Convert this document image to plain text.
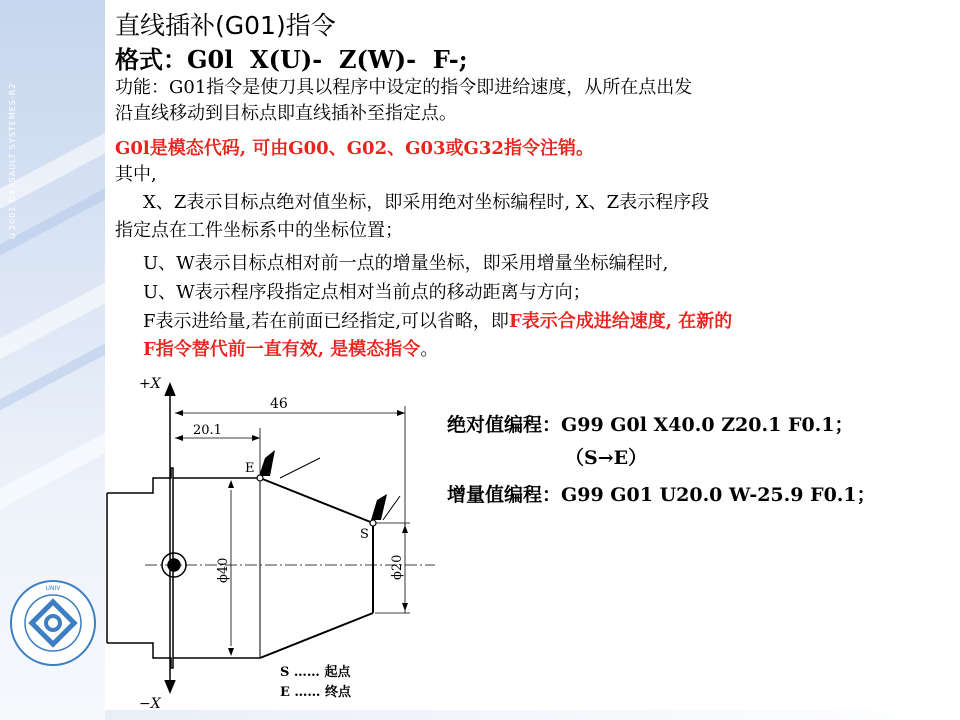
©2001 DASSAULT SYSTEMES-R2
UNIV
直线插补(G01)指令
格式：G0l  X(U)-  Z(W)-  F-;
功能：G01指令是使刀具以程序中设定的指令即进给速度，从所在点出发
沿直线移动到目标点即直线插补至指定点。
G0l是模态代码, 可由G00、G02、G03或G32指令注销。
其中,
X、Z表示目标点绝对值坐标，即采用绝对坐标编程时, X、Z表示程序段
指定点在工件坐标系中的坐标位置；
U、W表示目标点相对前一点的增量坐标，即采用增量坐标编程时,
U、W表示程序段指定点相对当前点的移动距离与方向；
F表示进给量,若在前面已经指定,可以省略，即F表示合成进给速度, 在新的
F指令替代前一直有效, 是模态指令。
绝对值编程：G99 G0l X40.0 Z20.1 F0.1；
（S→E）
增量值编程：G99 G01 U20.0 W-25.9 F0.1；
+X
−X
46
20.1
E
S
ϕ40	ϕ20
S …… 起点
E …… 终点
